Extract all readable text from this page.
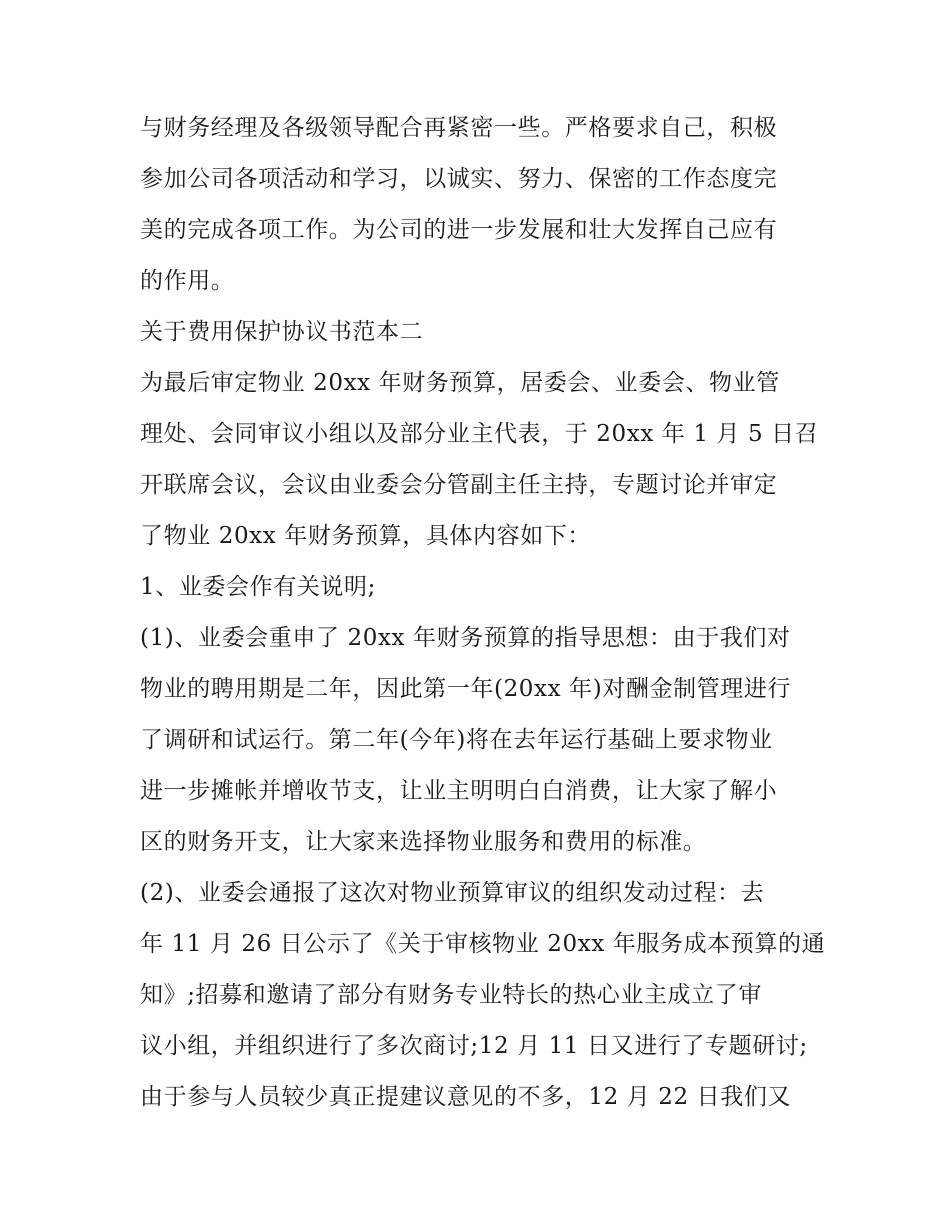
与财务经理及各级领导配合再紧密一些。严格要求自己，积极
参加公司各项活动和学习，以诚实、努力、保密的工作态度完
美的完成各项工作。为公司的进一步发展和壮大发挥自己应有
的作用。
关于费用保护协议书范本二
为最后审定物业 20xx 年财务预算，居委会、业委会、物业管
理处、会同审议小组以及部分业主代表，于 20xx 年 1 月 5 日召
开联席会议，会议由业委会分管副主任主持，专题讨论并审定
了物业 20xx 年财务预算，具体内容如下：
1、业委会作有关说明;
(1)、业委会重申了 20xx 年财务预算的指导思想：由于我们对
物业的聘用期是二年，因此第一年(20xx 年)对酬金制管理进行
了调研和试运行。第二年(今年)将在去年运行基础上要求物业
进一步摊帐并增收节支，让业主明明白白消费，让大家了解小
区的财务开支，让大家来选择物业服务和费用的标准。
(2)、业委会通报了这次对物业预算审议的组织发动过程：去
年 11 月 26 日公示了《关于审核物业 20xx 年服务成本预算的通
知》;招募和邀请了部分有财务专业特长的热心业主成立了审
议小组，并组织进行了多次商讨;12 月 11 日又进行了专题研讨;
由于参与人员较少真正提建议意见的不多，12 月 22 日我们又
